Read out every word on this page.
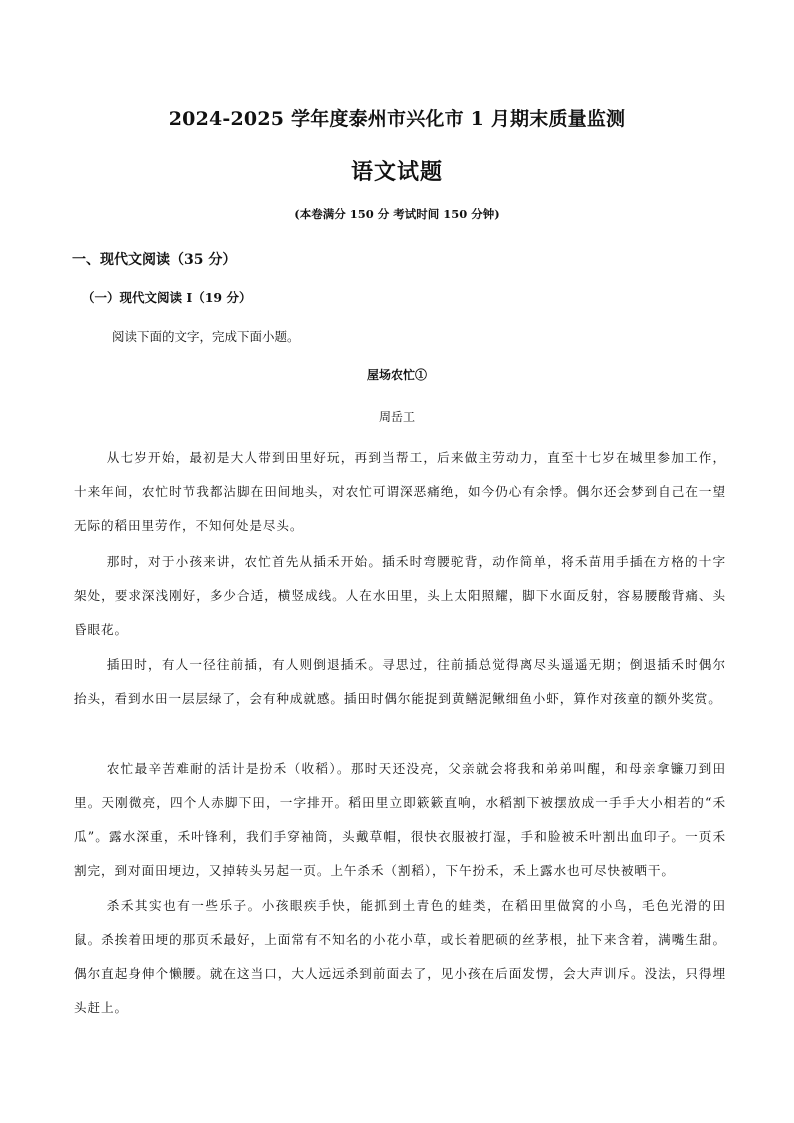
2024-2025 学年度泰州市兴化市 1 月期末质量监测
语文试题
(本卷满分 150 分 考试时间 150 分钟)
一、现代文阅读（35 分）
（一）现代文阅读 I（19 分）
阅读下面的文字，完成下面小题。
屋场农忙①
周岳工

从七岁开始，最初是大人带到田里好玩，再到当帮工，后来做主劳动力，直至十七岁在城里参加工作，十来年间，农忙时节我都沾脚在田间地头，对农忙可谓深恶痛绝，如今仍心有余悸。偶尔还会梦到自己在一望无际的稻田里劳作，不知何处是尽头。

那时，对于小孩来讲，农忙首先从插禾开始。插禾时弯腰驼背，动作简单，将禾苗用手插在方格的十字架处，要求深浅刚好，多少合适，横竖成线。人在水田里，头上太阳照耀，脚下水面反射，容易腰酸背痛、头昏眼花。

插田时，有人一径往前插，有人则倒退插禾。寻思过，往前插总觉得离尽头遥遥无期；倒退插禾时偶尔抬头，看到水田一层层绿了，会有种成就感。插田时偶尔能捉到黄鳝泥鳅细鱼小虾，算作对孩童的额外奖赏。

农忙最辛苦难耐的活计是扮禾（收稻）。那时天还没亮，父亲就会将我和弟弟叫醒，和母亲拿镰刀到田里。天刚微亮，四个人赤脚下田，一字排开。稻田里立即簌簌直响，水稻割下被摆放成一手手大小相若的“禾瓜”。露水深重，禾叶锋利，我们手穿袖筒，头戴草帽，很快衣服被打湿，手和脸被禾叶割出血印子。一页禾割完，到对面田埂边，又掉转头另起一页。上午杀禾（割稻），下午扮禾，禾上露水也可尽快被晒干。

杀禾其实也有一些乐子。小孩眼疾手快，能抓到土青色的蛙类，在稻田里做窝的小鸟，毛色光滑的田鼠。杀挨着田埂的那页禾最好，上面常有不知名的小花小草，或长着肥硕的丝茅根，扯下来含着，满嘴生甜。偶尔直起身伸个懒腰。就在这当口，大人远远杀到前面去了，见小孩在后面发愣，会大声训斥。没法，只得埋头赶上。
